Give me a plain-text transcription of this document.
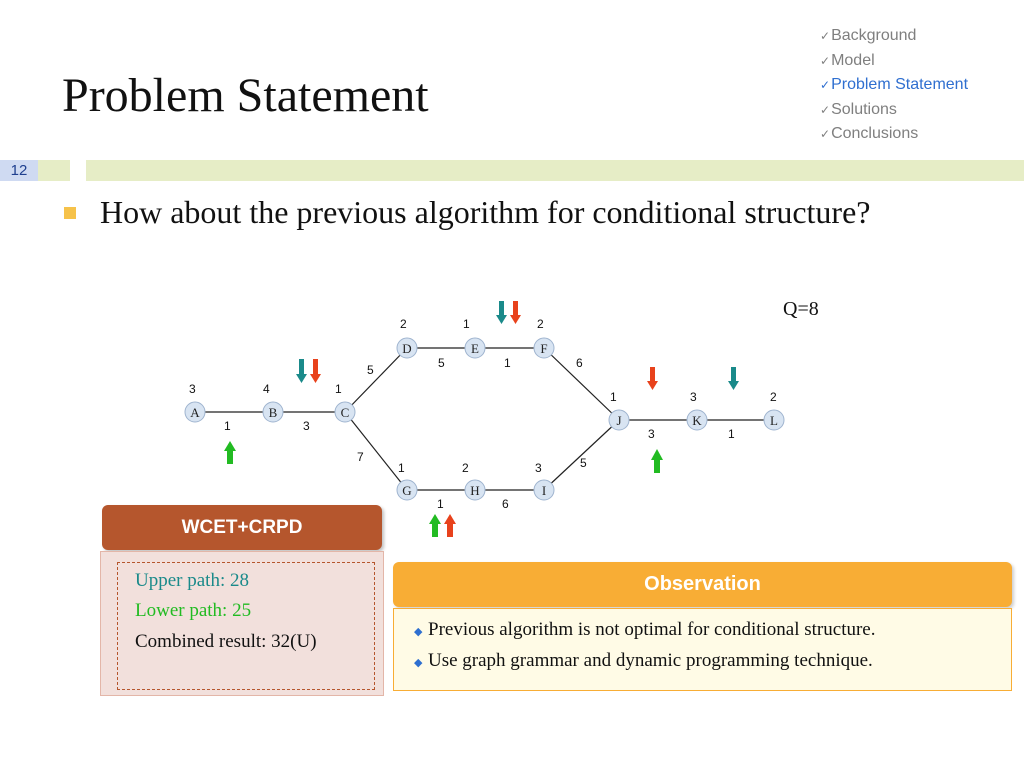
Problem Statement
✓Background
✓Model
✓Problem Statement
✓Solutions
✓Conclusions
12
How about the previous algorithm for conditional structure?
Q=8
A	B	C
D	E	F
G	H	I
J	K	L
3	4	1
2	1	2
1	2	3
1	3	2
1	3
5	5	1	6
7
1	6
5
3	1
WCET+CRPD
Upper path: 28
Lower path: 25
Combined result: 32(U)
Observation
◆ Previous algorithm is not optimal for conditional structure.
◆ Use graph grammar and dynamic programming technique.
